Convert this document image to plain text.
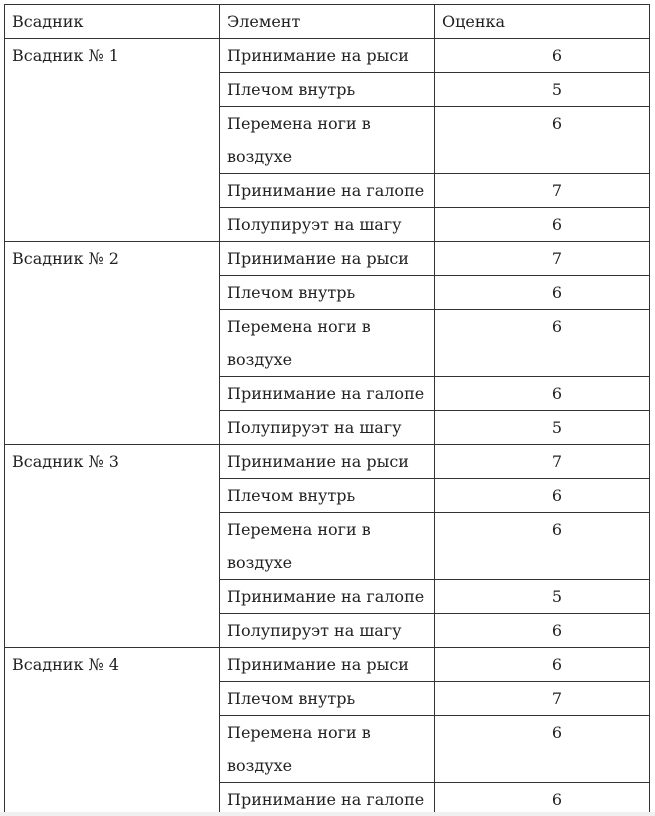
Всадник	Элемент	Оценка
Всадник № 1	Принимание на рыси	6
	Плечом внутрь	5

	Перемена ноги в воздухе	6
	Принимание на галопе	7
	Полупируэт на шагу	6
Всадник № 2	Принимание на рыси	7
	Плечом внутрь	6

	Перемена ноги в воздухе	6
	Принимание на галопе	6
	Полупируэт на шагу	5
Всадник № 3	Принимание на рыси	7
	Плечом внутрь	6

	Перемена ноги в воздухе	6
	Принимание на галопе	5
	Полупируэт на шагу	6
Всадник № 4	Принимание на рыси	6
	Плечом внутрь	7

	Перемена ноги в воздухе	6
	Принимание на галопе	6
